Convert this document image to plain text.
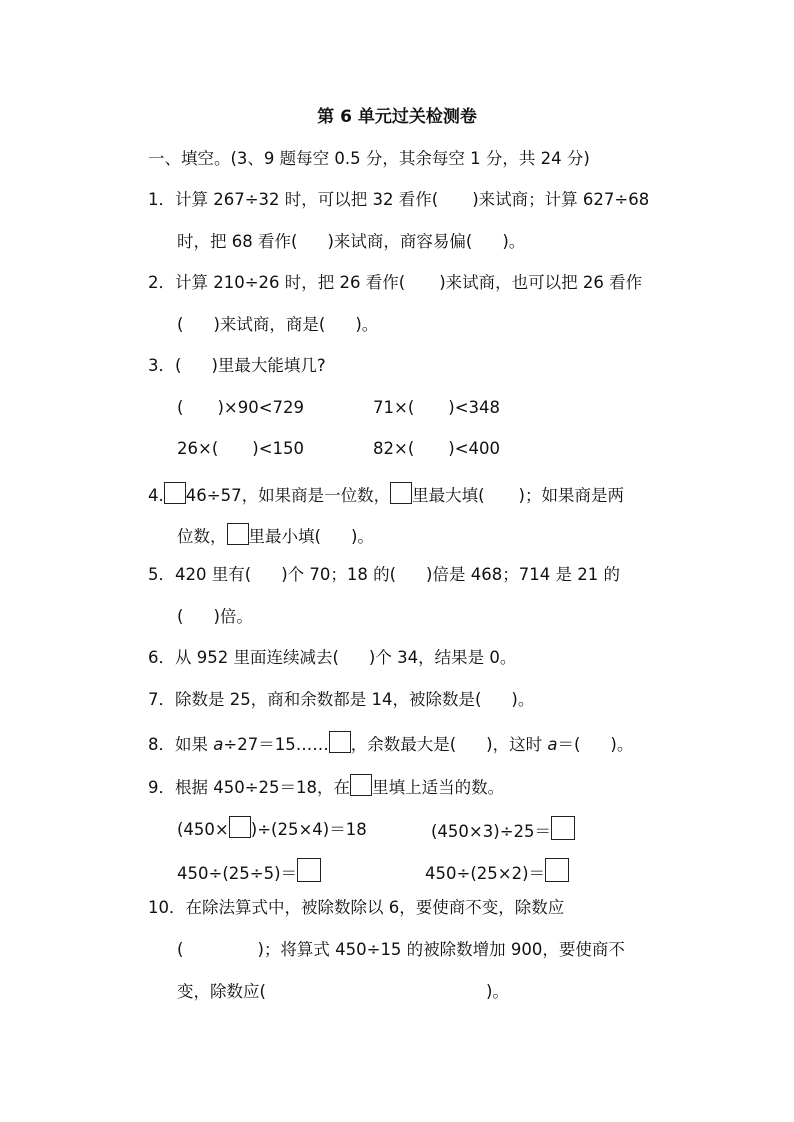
第 6 单元过关检测卷
一、填空。(3、9 题每空 0.5 分，其余每空 1 分，共 24 分)
1．计算 267÷32 时，可以把 32 看作( )来试商；计算 627÷68
时，把 68 看作( )来试商，商容易偏( )。
2．计算 210÷26 时，把 26 看作( )来试商，也可以把 26 看作
( )来试商，商是( )。
3．( )里最大能填几?
( )×90<729	71×( )<348
26×( )<150	82×( )<400
4. 46÷57，如果商是一位数， 里最大填( )；如果商是两
位数， 里最小填( )。
5．420 里有( )个 70；18 的( )倍是 468；714 是 21 的
( )倍。
6．从 952 里面连续减去( )个 34，结果是 0。
7．除数是 25，商和余数都是 14，被除数是( )。
8．如果 a÷27＝15…… ，余数最大是( )，这时 a＝( )。
9．根据 450÷25＝18，在 里填上适当的数。
(450× )÷(25×4)＝18	(450×3)÷25＝
450÷(25÷5)＝	450÷(25×2)＝
10．在除法算式中，被除数除以 6，要使商不变，除数应
(	)；将算式 450÷15 的被除数增加 900，要使商不
变，除数应(	)。
